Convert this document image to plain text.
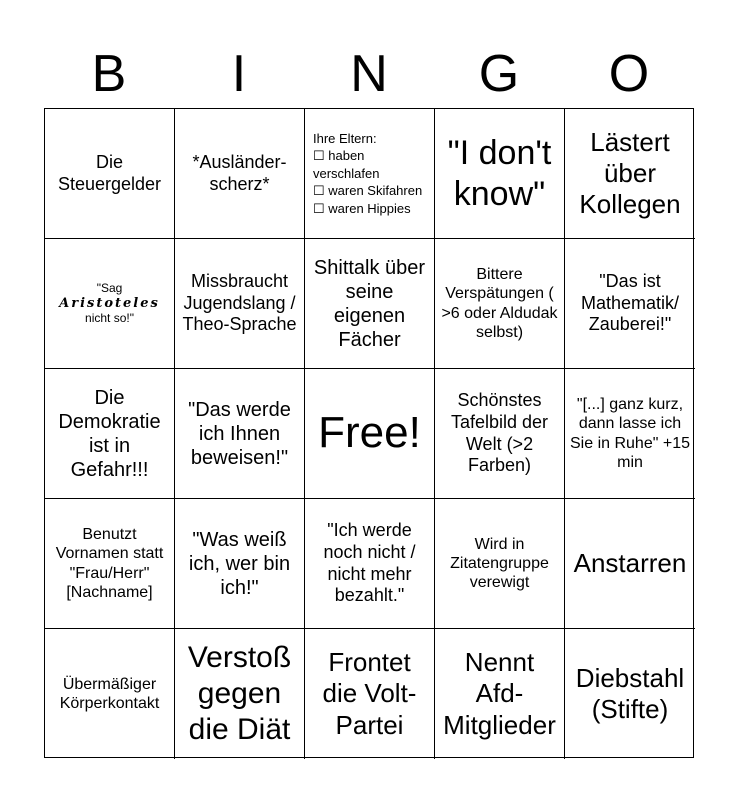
B	I	N	G	O
Die Steuergelder
*Ausländer-scherz*
Ihre Eltern:
☐ haben verschlafen
☐ waren Skifahren
☐ waren Hippies
"I don't know"
Lästert über Kollegen
"Sag
Aristoteles
nicht so!"
Missbraucht Jugendslang / Theo-Sprache
Shittalk über seine eigenen Fächer
Bittere Verspätungen ( >6 oder Aldudak selbst)
"Das ist Mathematik/ Zauberei!"
Die Demokratie ist in Gefahr!!!
"Das werde ich Ihnen beweisen!"
Free!
Schönstes Tafelbild der Welt (>2 Farben)
"[...] ganz kurz, dann lasse ich Sie in Ruhe" +15 min
Benutzt Vornamen statt "Frau/Herr" [Nachname]
"Was weiß ich, wer bin ich!"
"Ich werde noch nicht / nicht mehr bezahlt."
Wird in Zitatengruppe verewigt
Anstarren
Übermäßiger Körperkontakt
Verstoß gegen die Diät
Frontet die Volt-Partei
Nennt Afd-Mitglieder
Diebstahl (Stifte)
